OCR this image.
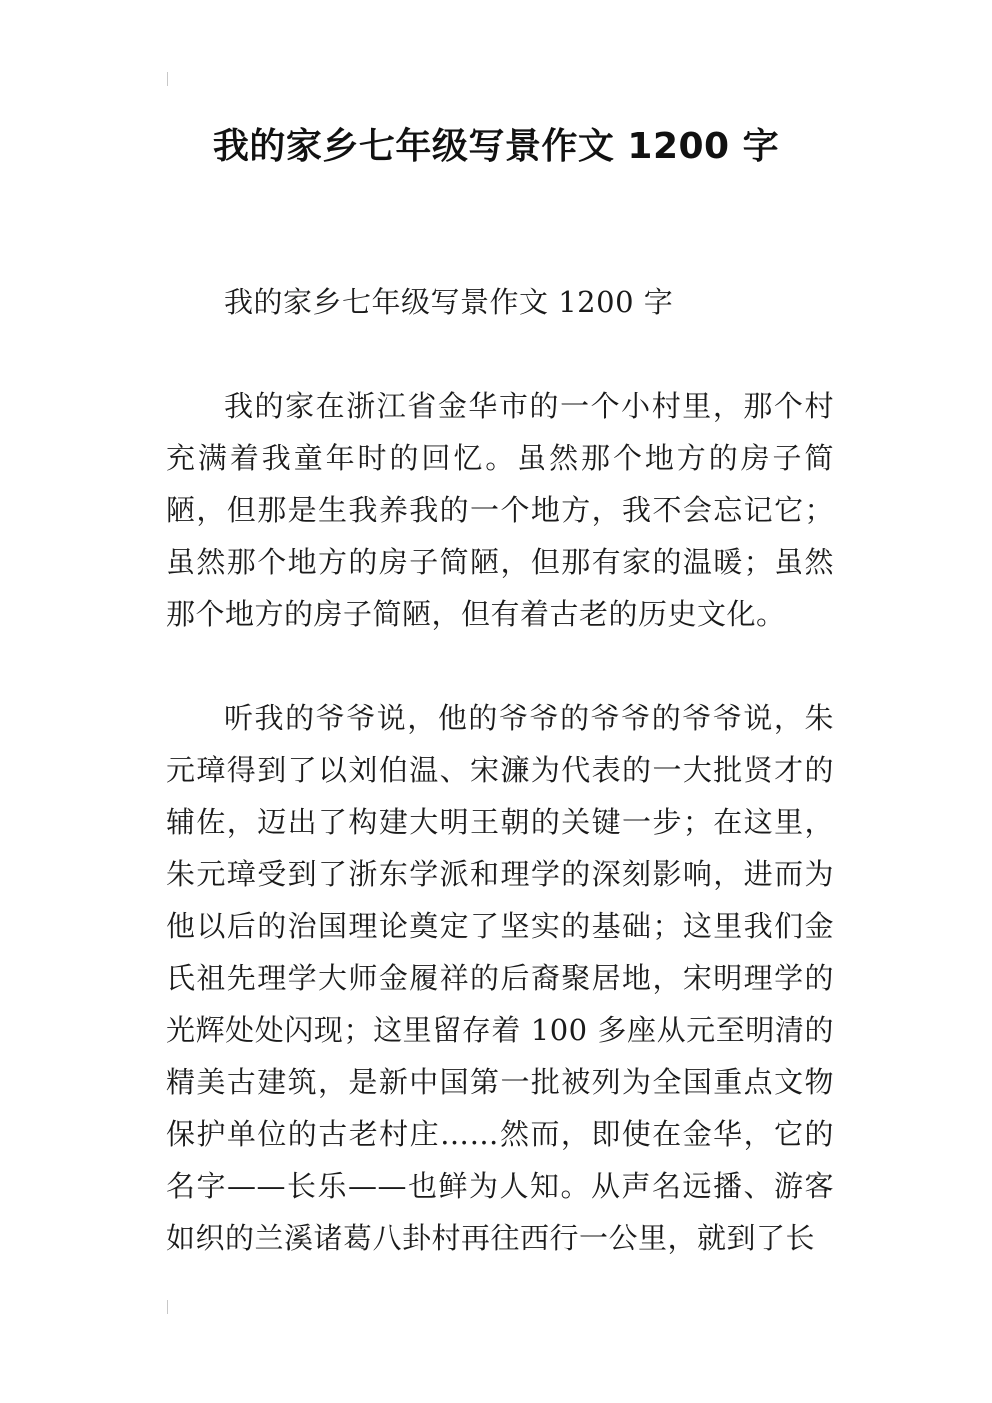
我的家乡七年级写景作文 1200 字

我的家乡七年级写景作文 1200 字

我的家在浙江省金华市的一个小村里，那个村充满着我童年时的回忆。虽然那个地方的房子简陋，但那是生我养我的一个地方，我不会忘记它；虽然那个地方的房子简陋，但那有家的温暖；虽然那个地方的房子简陋，但有着古老的历史文化。

听我的爷爷说，他的爷爷的爷爷的爷爷说，朱元璋得到了以刘伯温、宋濂为代表的一大批贤才的辅佐，迈出了构建大明王朝的关键一步；在这里，朱元璋受到了浙东学派和理学的深刻影响，进而为他以后的治国理论奠定了坚实的基础；这里我们金氏祖先理学大师金履祥的后裔聚居地，宋明理学的光辉处处闪现；这里留存着 100 多座从元至明清的精美古建筑，是新中国第一批被列为全国重点文物保护单位的古老村庄……然而，即使在金华，它的名字——长乐——也鲜为人知。从声名远播、游客如织的兰溪诸葛八卦村再往西行一公里，就到了长
